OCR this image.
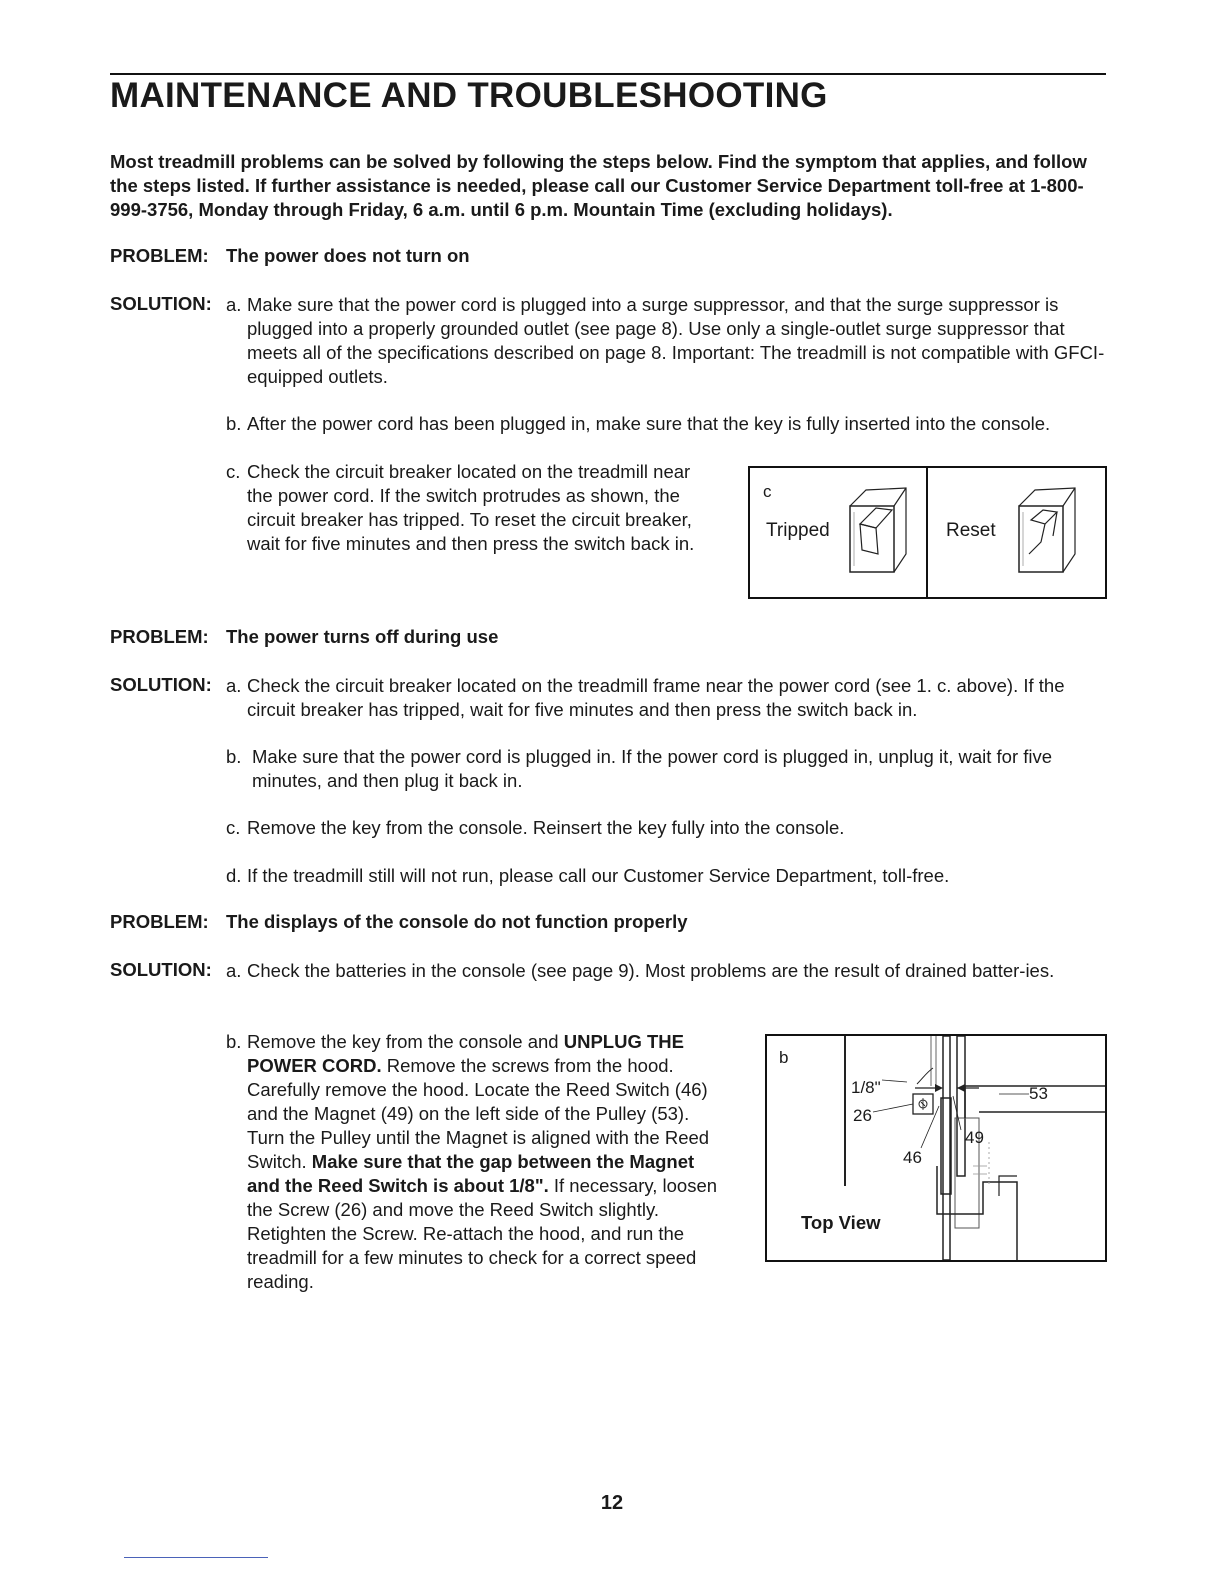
MAINTENANCE AND TROUBLESHOOTING

Most treadmill problems can be solved by following the steps below. Find the symptom that applies, and follow the steps listed. If further assistance is needed, please call our Customer Service Department toll-free at 1-800-999-3756, Monday through Friday, 6 a.m. until 6 p.m. Mountain Time (excluding holidays).

PROBLEM: The power does not turn on
SOLUTION: a. Make sure that the power cord is plugged into a surge suppressor, and that the surge suppressor is plugged into a properly grounded outlet (see page 8). Use only a single-outlet surge suppressor that meets all of the specifications described on page 8. Important: The treadmill is not compatible with GFCI-equipped outlets.
b. After the power cord has been plugged in, make sure that the key is fully inserted into the console.
c. Check the circuit breaker located on the treadmill near the power cord. If the switch protrudes as shown, the circuit breaker has tripped. To reset the circuit breaker, wait for five minutes and then press the switch back in.
c
Tripped	Reset
PROBLEM: The power turns off during use
SOLUTION: a. Check the circuit breaker located on the treadmill frame near the power cord (see 1. c. above). If the circuit breaker has tripped, wait for five minutes and then press the switch back in.
b. Make sure that the power cord is plugged in. If the power cord is plugged in, unplug it, wait for five minutes, and then plug it back in.
c. Remove the key from the console. Reinsert the key fully into the console.
d. If the treadmill still will not run, please call our Customer Service Department, toll-free.
PROBLEM: The displays of the console do not function properly
SOLUTION: a. Check the batteries in the console (see page 9). Most problems are the result of drained batter-ies.
b. Remove the key from the console and UNPLUG THE POWER CORD. Remove the screws from the hood. Carefully remove the hood. Locate the Reed Switch (46) and the Magnet (49) on the left side of the Pulley (53). Turn the Pulley until the Magnet is aligned with the Reed Switch. Make sure that the gap between the Magnet and the Reed Switch is about 1/8". If necessary, loosen the Screw (26) and move the Reed Switch slightly. Retighten the Screw. Re-attach the hood, and run the treadmill for a few minutes to check for a correct speed reading.
b
1/8"
26
46
49
53
Top View
12
